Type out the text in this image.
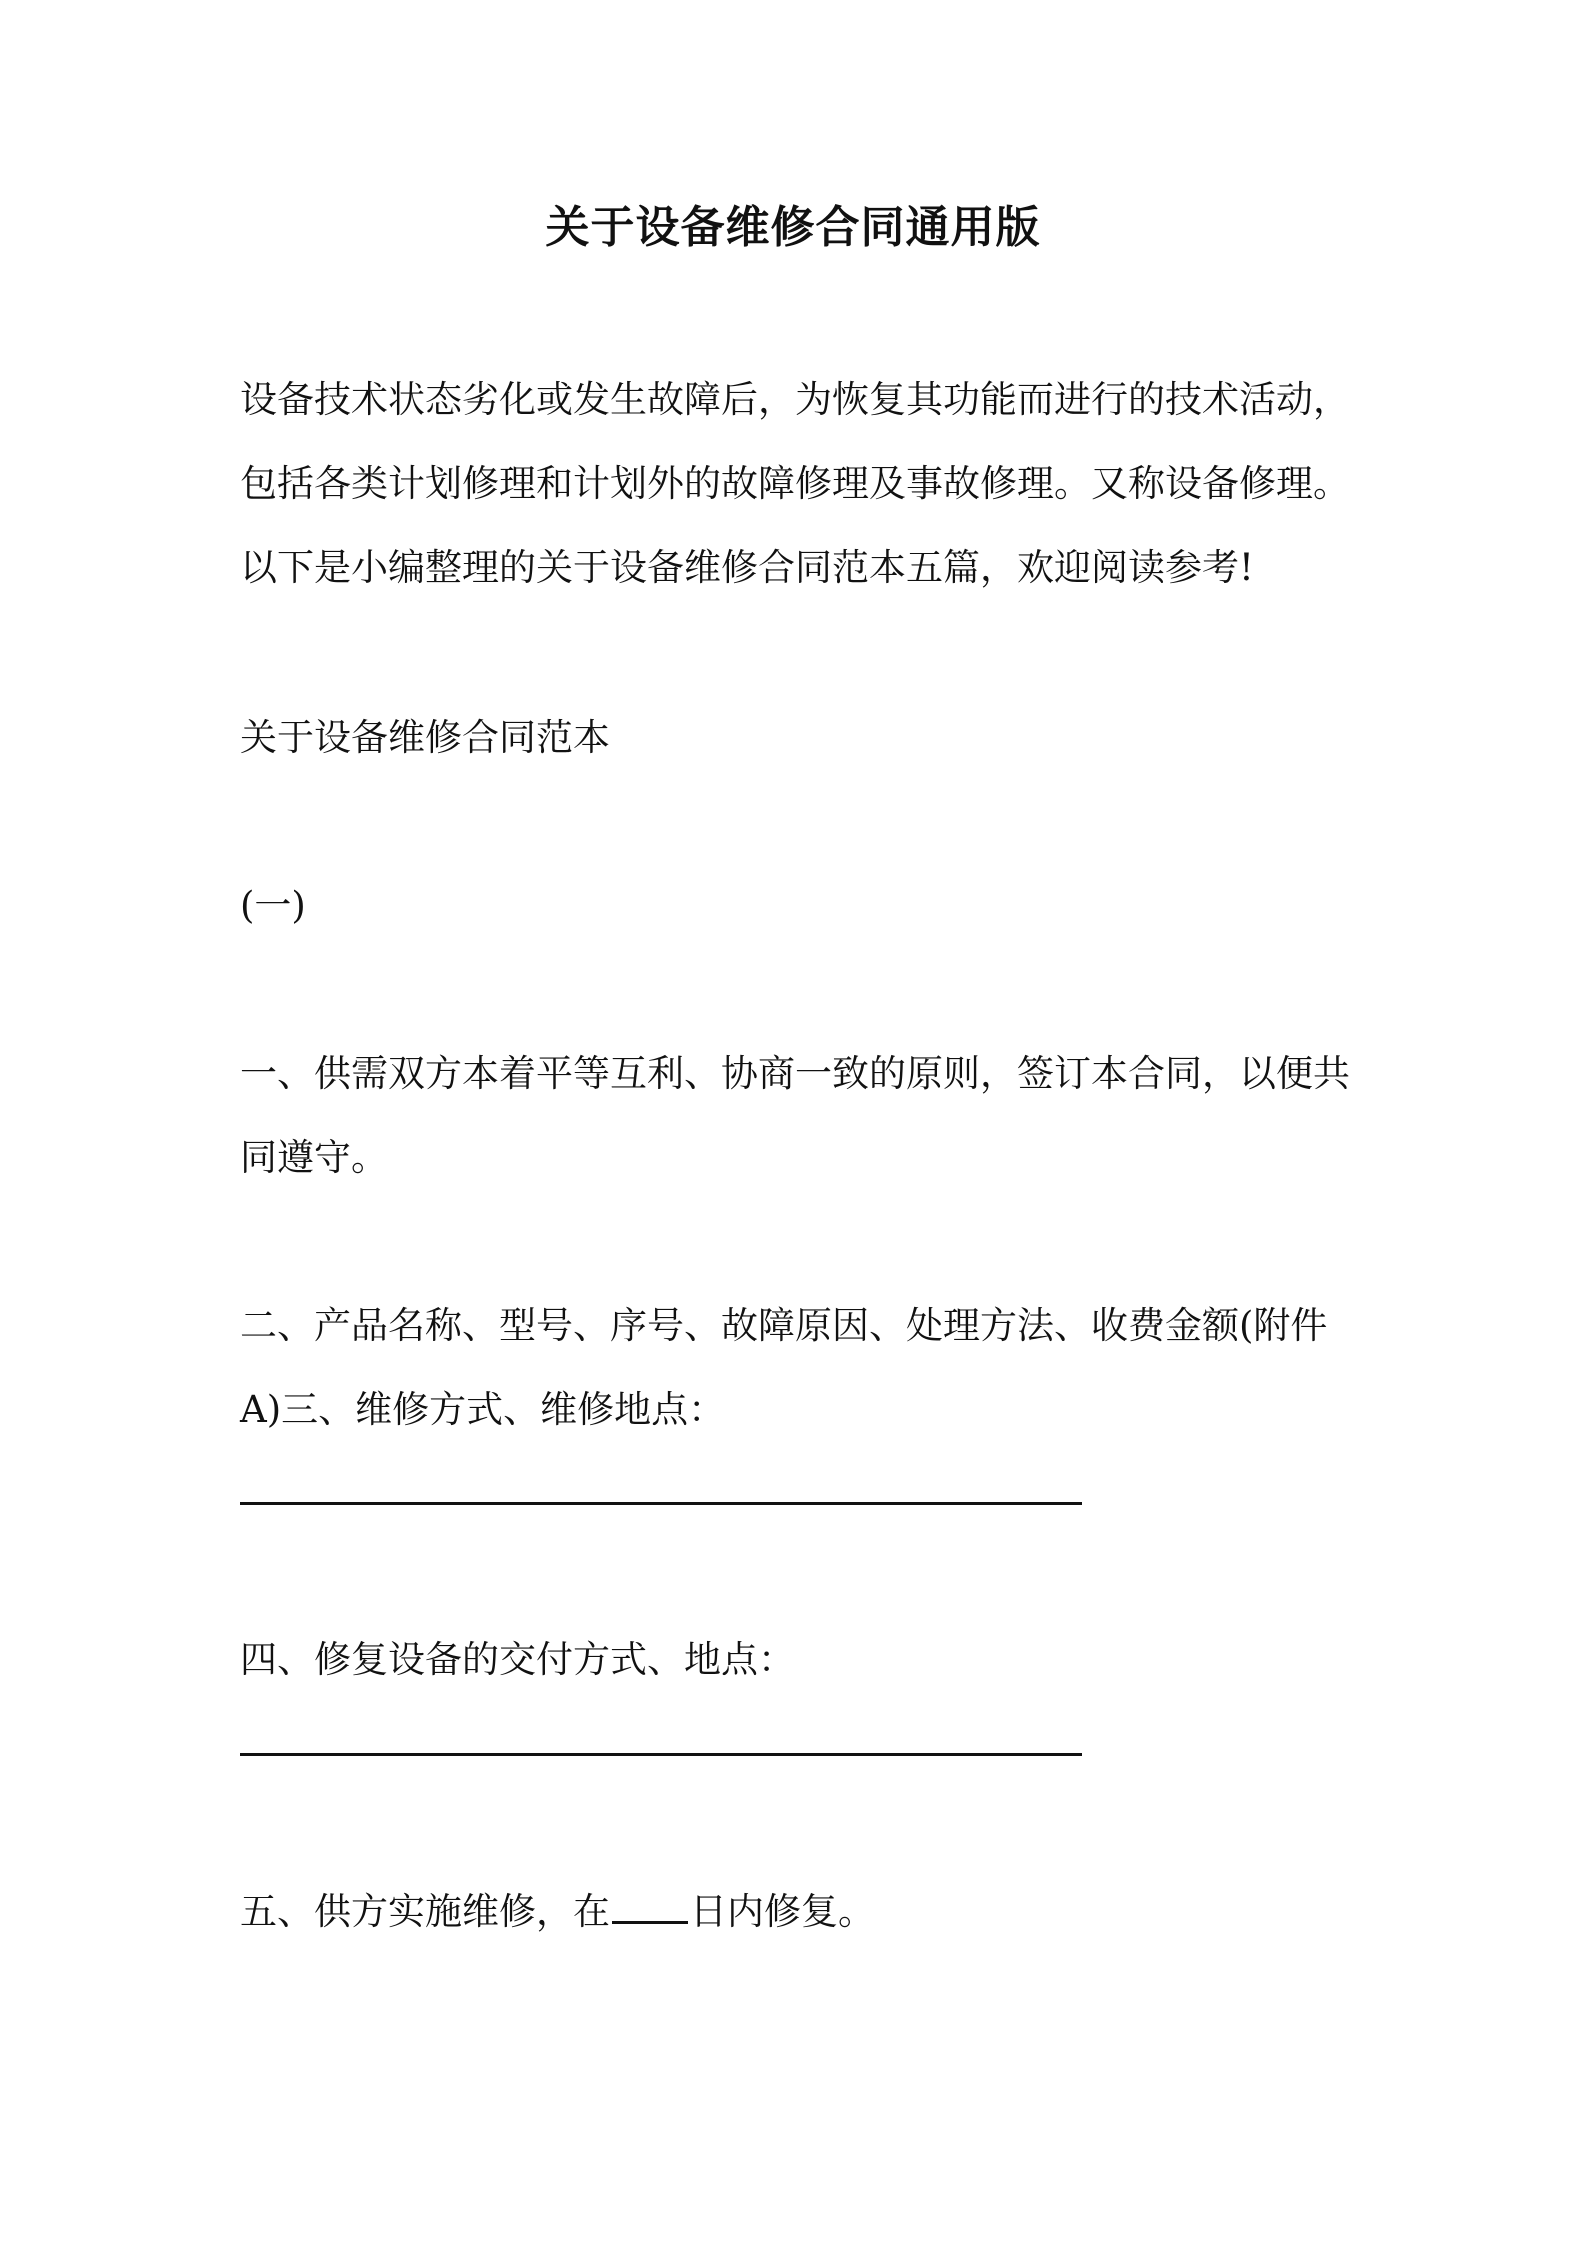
关于设备维修合同通用版
设备技术状态劣化或发生故障后，为恢复其功能而进行的技术活动，
包括各类计划修理和计划外的故障修理及事故修理。又称设备修理。
以下是小编整理的关于设备维修合同范本五篇，欢迎阅读参考!
关于设备维修合同范本
(一)
一、供需双方本着平等互利、协商一致的原则，签订本合同，以便共
同遵守。
二、产品名称、型号、序号、故障原因、处理方法、收费金额(附件
A)三、维修方式、维修地点：
四、修复设备的交付方式、地点：
五、供方实施维修，在 日内修复。
